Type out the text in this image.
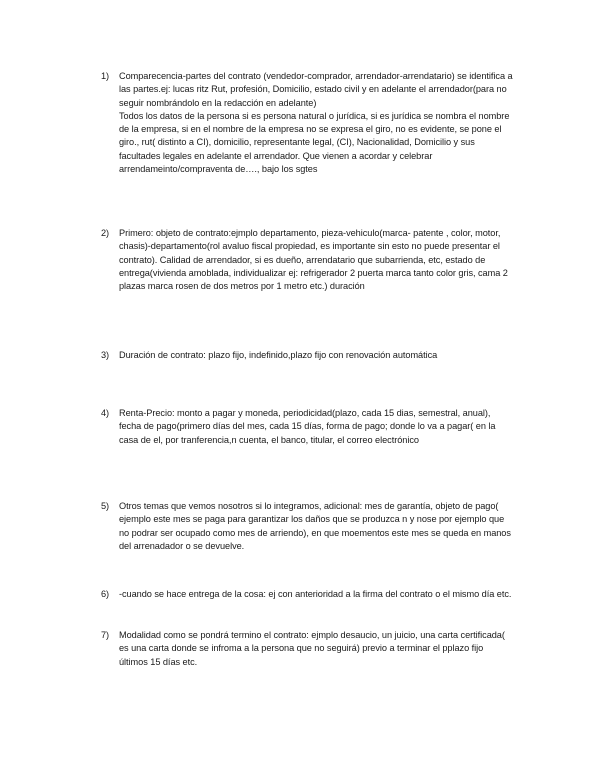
1)	Comparecencia-partes del contrato (vendedor-comprador, arrendador-arrendatario) se identifica a las partes.ej: lucas ritz Rut, profesión, Domicilio, estado civil y en adelante el arrendador(para no seguir nombrándolo en la redacción en adelante)

Todos los datos de la persona si es persona natural o jurídica, si es jurídica se nombra el nombre de la empresa, si en el nombre de la empresa no se expresa el giro, no es evidente, se pone el giro., rut( distinto a CI), domicilio, representante legal, (CI), Nacionalidad, Domicilio y sus facultades legales en adelante el arrendador. Que vienen a acordar y celebrar arrendameinto/compraventa de…., bajo los sgtes

2)	Primero: objeto de contrato:ejmplo departamento, pieza-vehiculo(marca- patente , color, motor, chasis)-departamento(rol avaluo fiscal propiedad, es importante sin esto no puede presentar el contrato). Calidad de arrendador, si es dueño, arrendatario que subarrienda, etc, estado de entrega(vivienda amoblada, individualizar ej: refrigerador 2 puerta marca tanto color gris, cama 2 plazas marca rosen de dos metros por 1 metro etc.) duración

3)	Duración de contrato: plazo fijo, indefinido,plazo fijo con renovación automática

4)	Renta-Precio: monto a pagar y moneda, periodicidad(plazo, cada 15 dias, semestral, anual), fecha de pago(primero días del mes, cada 15 días, forma de pago; donde lo va a pagar( en la casa de el, por tranferencia,n cuenta, el banco, titular, el correo electrónico

5)	Otros temas que vemos nosotros si lo integramos, adicional: mes de garantía, objeto de pago( ejemplo este mes se paga para garantizar los daños que se produzca n y nose por ejemplo que no podrar ser ocupado como mes de arriendo), en que moementos este mes se queda en manos del arrenadador o se devuelve.

6)	-cuando se hace entrega de la cosa: ej con anterioridad a la firma del contrato o el mismo día etc.

7)	Modalidad como se pondrá termino el contrato: ejmplo desaucio, un juicio, una carta certificada( es una carta donde se infroma a la persona que no seguirá) previo a terminar el pplazo fijo últimos 15 días etc.
